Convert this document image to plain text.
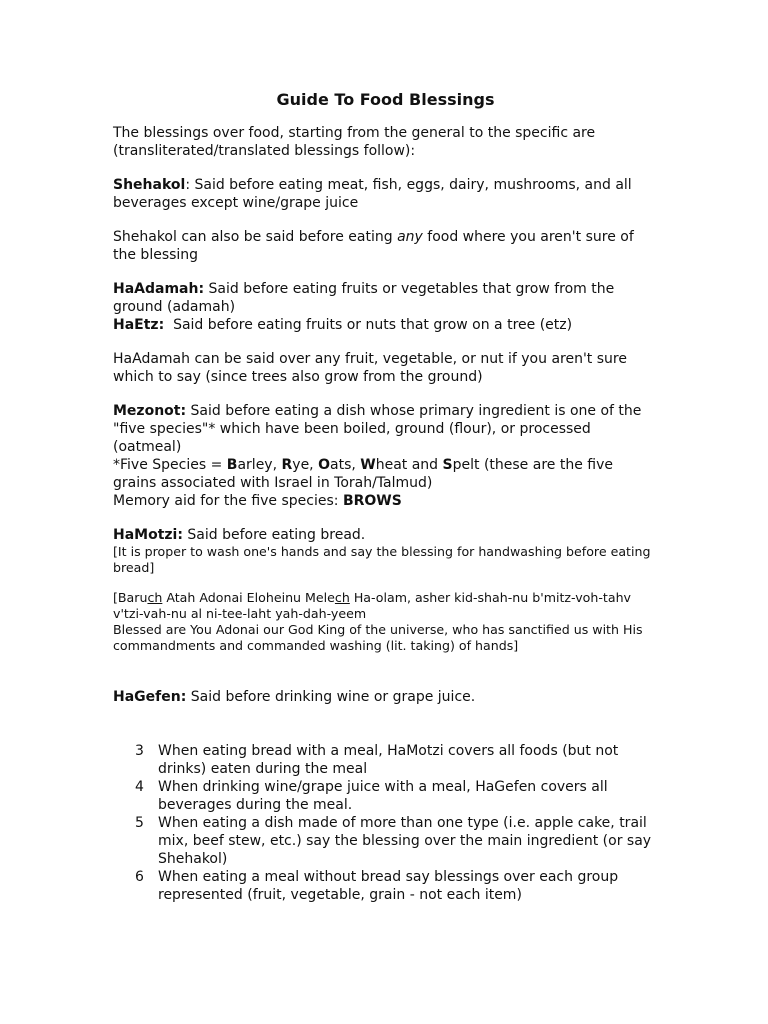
Guide To Food Blessings

The blessings over food, starting from the general to the specific are (transliterated/translated blessings follow):

Shehakol: Said before eating meat, fish, eggs, dairy, mushrooms, and all beverages except wine/grape juice

Shehakol can also be said before eating any food where you aren't sure of the blessing

HaAdamah: Said before eating fruits or vegetables that grow from the ground (adamah)

HaEtz:  Said before eating fruits or nuts that grow on a tree (etz)

HaAdamah can be said over any fruit, vegetable, or nut if you aren't sure which to say (since trees also grow from the ground)

Mezonot: Said before eating a dish whose primary ingredient is one of the "five species"* which have been boiled, ground (flour), or processed (oatmeal)

*Five Species = Barley, Rye, Oats, Wheat and Spelt (these are the five grains associated with Israel in Torah/Talmud)

Memory aid for the five species: BROWS

HaMotzi: Said before eating bread.

[It is proper to wash one's hands and say the blessing for handwashing before eating bread]

[Baruch Atah Adonai Eloheinu Melech Ha-olam, asher kid-shah-nu b'mitz-voh-tahv v'tzi-vah-nu al ni-tee-laht yah-dah-yeem

Blessed are You Adonai our God King of the universe, who has sanctified us with His commandments and commanded washing (lit. taking) of hands]

HaGefen: Said before drinking wine or grape juice.

3 When eating bread with a meal, HaMotzi covers all foods (but not drinks) eaten during the meal
4 When drinking wine/grape juice with a meal, HaGefen covers all beverages during the meal.
5 When eating a dish made of more than one type (i.e. apple cake, trail mix, beef stew, etc.) say the blessing over the main ingredient (or say Shehakol)
6 When eating a meal without bread say blessings over each group represented (fruit, vegetable, grain - not each item)
